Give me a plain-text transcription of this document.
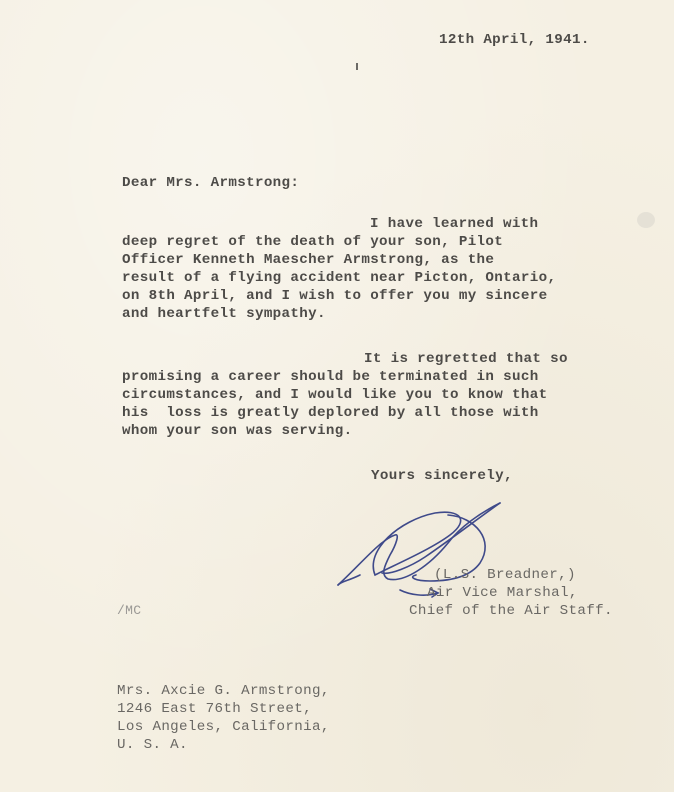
12th April, 1941.
Dear Mrs. Armstrong:
I have learned with
deep regret of the death of your son, Pilot
Officer Kenneth Maescher Armstrong, as the
result of a flying accident near Picton, Ontario,
on 8th April, and I wish to offer you my sincere
and heartfelt sympathy.
It is regretted that so
promising a career should be terminated in such
circumstances, and I would like you to know that
his  loss is greatly deplored by all those with
whom your son was serving.
Yours sincerely,
(L.S. Breadner,)
Air Vice Marshal,
Chief of the Air Staff.
/MC
Mrs. Axcie G. Armstrong,
1246 East 76th Street,
Los Angeles, California,
U. S. A.
